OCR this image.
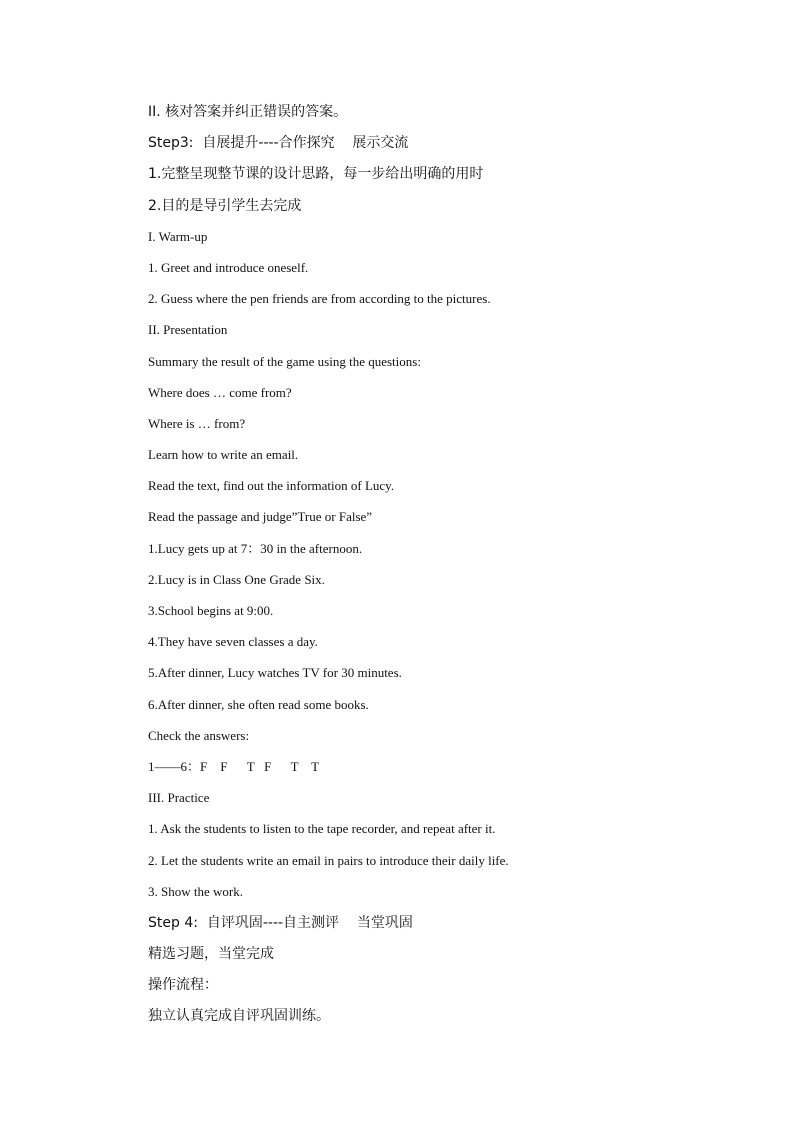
II. 核对答案并纠正错误的答案。
Step3:  自展提升----合作探究    展示交流
1.完整呈现整节课的设计思路，每一步给出明确的用时
2.目的是导引学生去完成
I. Warm-up
1. Greet and introduce oneself.
2. Guess where the pen friends are from according to the pictures.
II. Presentation
Summary the result of the game using the questions:
Where does … come from?
Where is … from?
Learn how to write an email.
Read the text, find out the information of Lucy.
Read the passage and judge”True or False”
1.Lucy gets up at 7：30 in the afternoon.
2.Lucy is in Class One Grade Six.
3.School begins at 9:00.
4.They have seven classes a day.
5.After dinner, Lucy watches TV for 30 minutes.
6.After dinner, she often read some books.
Check the answers:
1——6：F    F      T   F      T    T
III. Practice
1. Ask the students to listen to the tape recorder, and repeat after it.
2. Let the students write an email in pairs to introduce their daily life.
3. Show the work.
Step 4:  自评巩固----自主测评    当堂巩固
精选习题，当堂完成
操作流程：
独立认真完成自评巩固训练。
